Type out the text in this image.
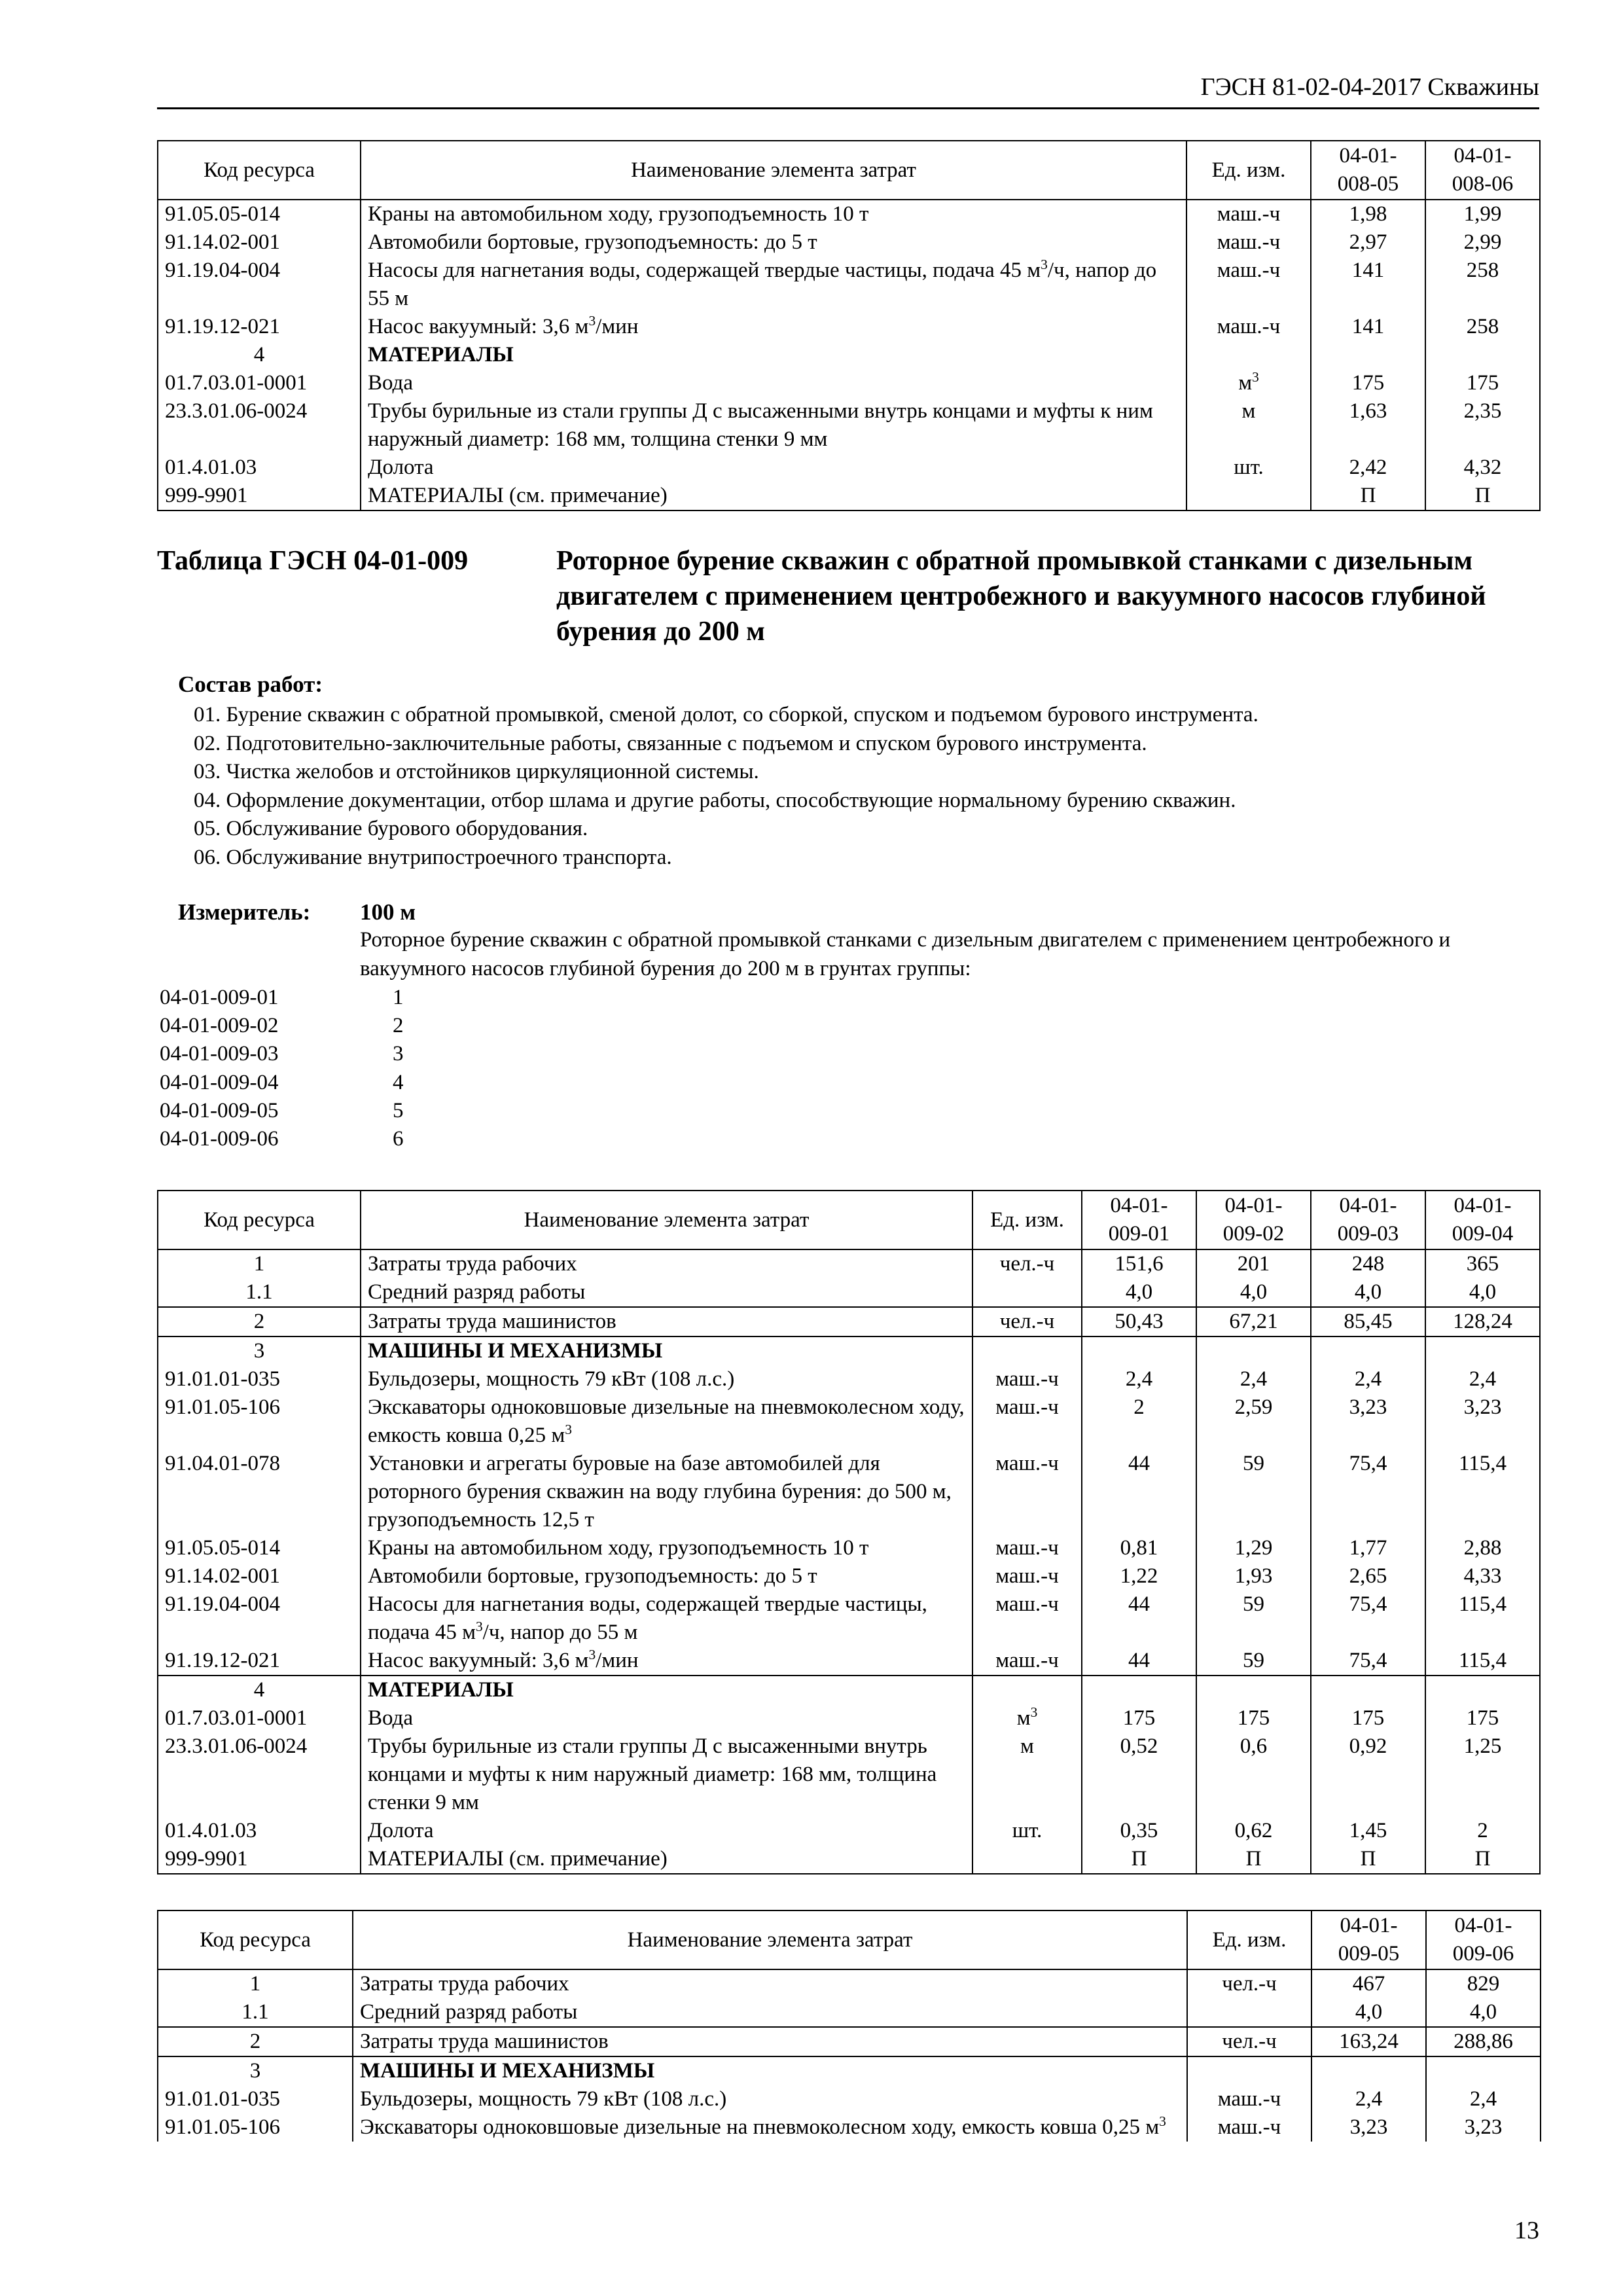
ГЭСН 81-02-04-2017 Скважины
Код ресурса	Наименование элемента затрат	Ед. изм.	04-01-
008-05	04-01-
008-06
91.05.05-014	Краны на автомобильном ходу, грузоподъемность 10 т	маш.-ч	1,98	1,99
91.14.02-001	Автомобили бортовые, грузоподъемность: до 5 т	маш.-ч	2,97	2,99
91.19.04-004	Насосы для нагнетания воды, содержащей твердые частицы, подача 45 $м^3/ч$, напор до 55 м	маш.-ч	141	258
91.19.12-021	Насос вакуумный: 3,6 $м^3$/мин	маш.-ч	141	258
4	МАТЕРИАЛЫ			
01.7.03.01-0001	Вода	$м^3$	175	175
23.3.01.06-0024	Трубы бурильные из стали группы Д с высаженными внутрь концами и муфты к ним наружный диаметр: 168 мм, толщина стенки 9 мм	м	1,63	2,35
01.4.01.03	Долота	шт.	2,42	4,32
999-9901	МАТЕРИАЛЫ (см. примечание)		П	П
Таблица ГЭСН 04-01-009	Роторное бурение скважин с обратной промывкой станками с дизельным двигателем с применением центробежного и вакуумного насосов глубиной бурения до 200 м
Состав работ:
01. Бурение скважин с обратной промывкой, сменой долот, со сборкой, спуском и подъемом бурового инструмента.
02. Подготовительно-заключительные работы, связанные с подъемом и спуском бурового инструмента.
03. Чистка желобов и отстойников циркуляционной системы.
04. Оформление документации, отбор шлама и другие работы, способствующие нормальному бурению скважин.
05. Обслуживание бурового оборудования.
06. Обслуживание внутрипостроечного транспорта.
Измеритель: 100 м
Роторное бурение скважин с обратной промывкой станками с дизельным двигателем с применением центробежного и вакуумного насосов глубиной бурения до 200 м в грунтах группы:
04-01-009-01	1
04-01-009-02	2
04-01-009-03	3
04-01-009-04	4
04-01-009-05	5
04-01-009-06	6
Код ресурса	Наименование элемента затрат	Ед. изм.	04-01-
009-01	04-01-
009-02	04-01-
009-03	04-01-
009-04
1	Затраты труда рабочих	чел.-ч	151,6	201	248	365
1.1	Средний разряд работы		4,0	4,0	4,0	4,0
2	Затраты труда машинистов	чел.-ч	50,43	67,21	85,45	128,24
3	МАШИНЫ И МЕХАНИЗМЫ					
91.01.01-035	Бульдозеры, мощность 79 кВт (108 л.с.)	маш.-ч	2,4	2,4	2,4	2,4
91.01.05-106	Экскаваторы одноковшовые дизельные на пневмоколесном ходу, емкость ковша 0,25 $м^3$	маш.-ч	2	2,59	3,23	3,23
91.04.01-078	Установки и агрегаты буровые на базе автомобилей для роторного бурения скважин на воду глубина бурения: до 500 м, грузоподъемность 12,5 т	маш.-ч	44	59	75,4	115,4
91.05.05-014	Краны на автомобильном ходу, грузоподъемность 10 т	маш.-ч	0,81	1,29	1,77	2,88
91.14.02-001	Автомобили бортовые, грузоподъемность: до 5 т	маш.-ч	1,22	1,93	2,65	4,33
91.19.04-004	Насосы для нагнетания воды, содержащей твердые частицы, подача 45 $м^3/ч$, напор до 55 м	маш.-ч	44	59	75,4	115,4
91.19.12-021	Насос вакуумный: 3,6 $м^3$/мин	маш.-ч	44	59	75,4	115,4
4	МАТЕРИАЛЫ					
01.7.03.01-0001	Вода	$м^3$	175	175	175	175
23.3.01.06-0024	Трубы бурильные из стали группы Д с высаженными внутрь концами и муфты к ним наружный диаметр: 168 мм, толщина стенки 9 мм	м	0,52	0,6	0,92	1,25
01.4.01.03	Долота	шт.	0,35	0,62	1,45	2
999-9901	МАТЕРИАЛЫ (см. примечание)		П	П	П	П
Код ресурса	Наименование элемента затрат	Ед. изм.	04-01-
009-05	04-01-
009-06
1	Затраты труда рабочих	чел.-ч	467	829
1.1	Средний разряд работы		4,0	4,0
2	Затраты труда машинистов	чел.-ч	163,24	288,86
3	МАШИНЫ И МЕХАНИЗМЫ			
91.01.01-035	Бульдозеры, мощность 79 кВт (108 л.с.)	маш.-ч	2,4	2,4
91.01.05-106	Экскаваторы одноковшовые дизельные на пневмоколесном ходу, емкость ковша 0,25 $м^3$	маш.-ч	3,23	3,23
13
